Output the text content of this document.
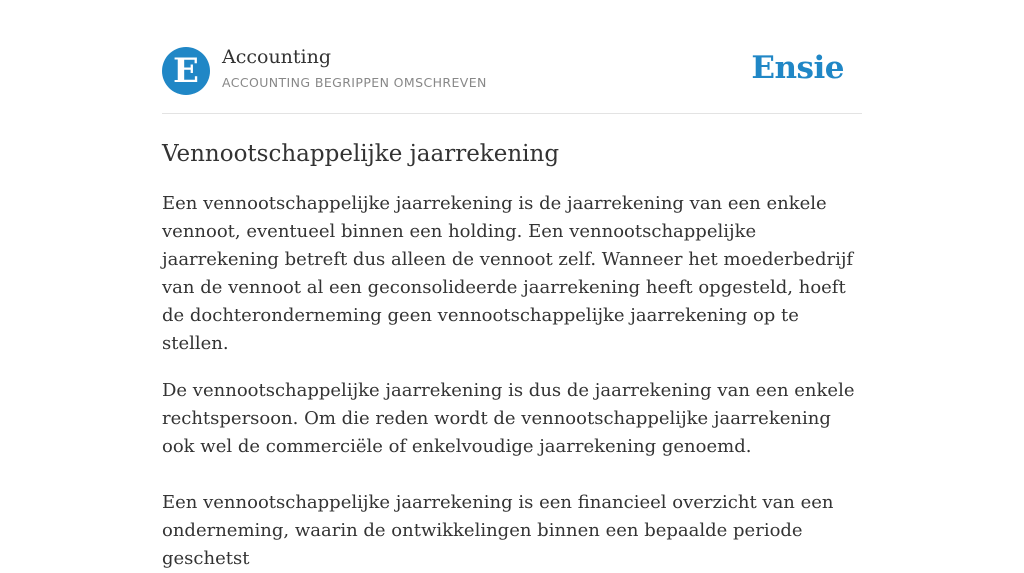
E	Accounting
ACCOUNTING BEGRIPPEN OMSCHREVEN	Ensie
Vennootschappelijke jaarrekening

Een vennootschappelijke jaarrekening is de jaarrekening van een enkele vennoot, eventueel binnen een holding. Een vennootschappelijke jaarrekening betreft dus alleen de vennoot zelf. Wanneer het moederbedrijf van de vennoot al een geconsolideerde jaarrekening heeft opgesteld, hoeft de dochteronderneming geen vennootschappelijke jaarrekening op te stellen.

De vennootschappelijke jaarrekening is dus de jaarrekening van een enkele rechtspersoon. Om die reden wordt de vennootschappelijke jaarrekening ook wel de commerciële of enkelvoudige jaarrekening genoemd.

Een vennootschappelijke jaarrekening is een financieel overzicht van een onderneming, waarin de ontwikkelingen binnen een bepaalde periode geschetst
